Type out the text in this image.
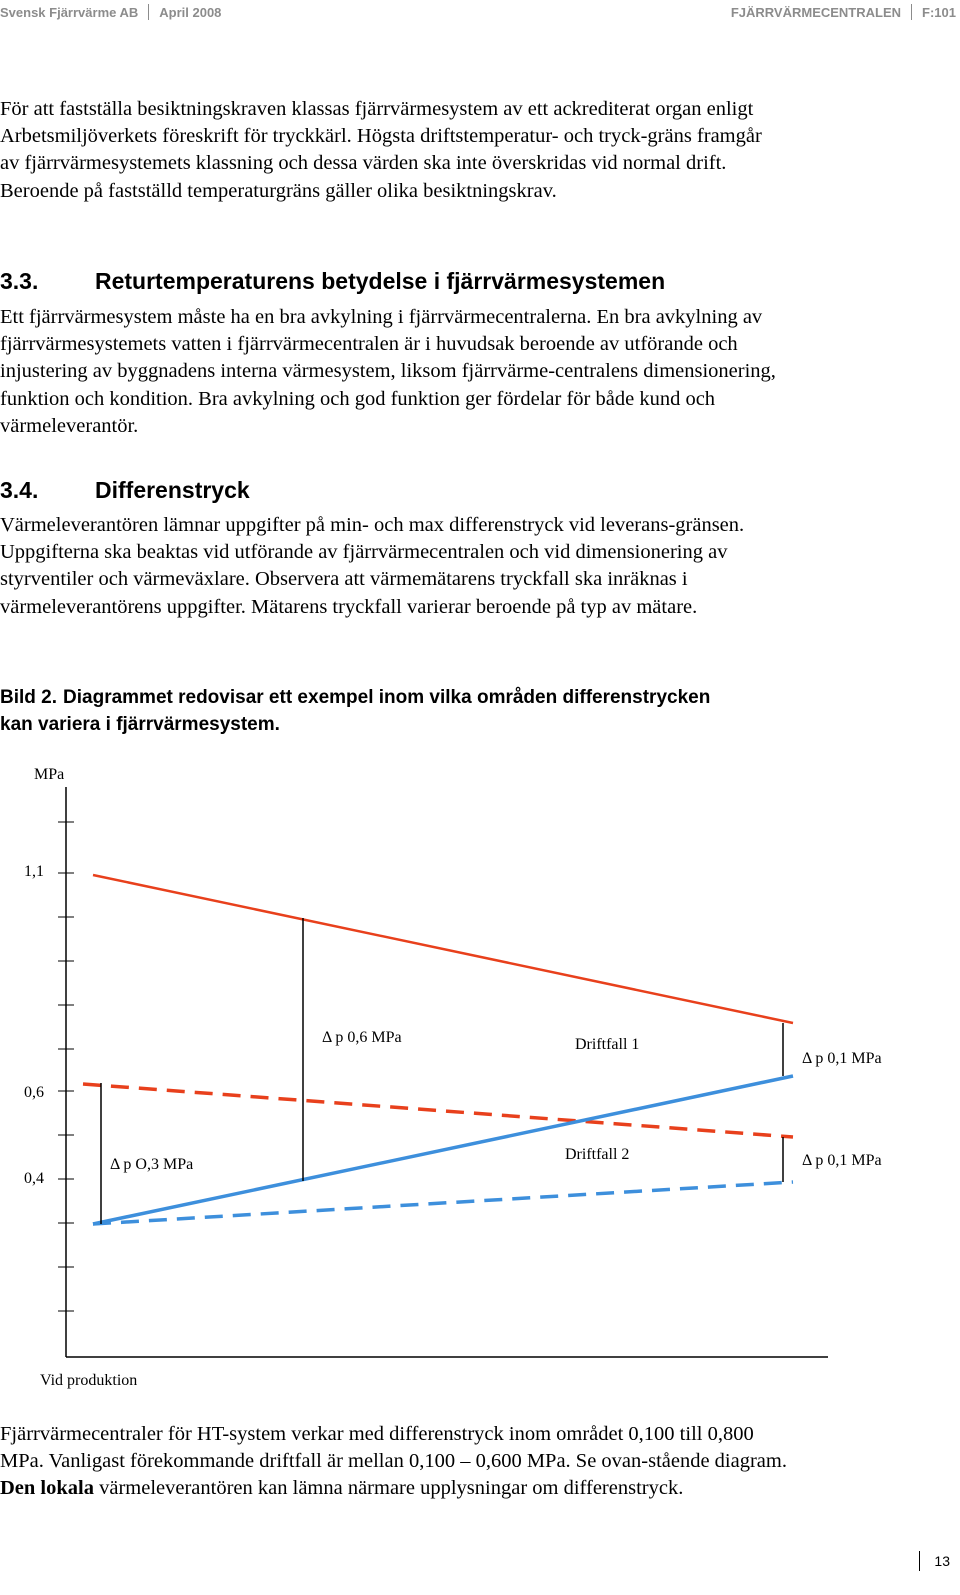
Svensk Fjärrvärme AB April 2008	FJÄRRVÄRMECENTRALEN F:101

För att fastställa besiktningskraven klassas fjärrvärmesystem av ett ackrediterat organ enligt Arbetsmiljöverkets föreskrift för tryckkärl. Högsta driftstemperatur- och tryck-gräns framgår av fjärrvärmesystemets klassning och dessa värden ska inte överskridas vid normal drift. Beroende på fastställd temperaturgräns gäller olika besiktningskrav.

3.3. Returtemperaturens betydelse i fjärrvärmesystemen

Ett fjärrvärmesystem måste ha en bra avkylning i fjärrvärmecentralerna. En bra avkylning av fjärrvärmesystemets vatten i fjärrvärmecentralen är i huvudsak beroende av utförande och injustering av byggnadens interna värmesystem, liksom fjärrvärme-centralens dimensionering, funktion och kondition. Bra avkylning och god funktion ger fördelar för både kund och värmeleverantör.

3.4. Differenstryck

Värmeleverantören lämnar uppgifter på min- och max differenstryck vid leverans-gränsen. Uppgifterna ska beaktas vid utförande av fjärrvärmecentralen och vid dimensionering av styrventiler och värmeväxlare. Observera att värmemätarens tryckfall ska inräknas i värmeleverantörens uppgifter. Mätarens tryckfall varierar beroende på typ av mätare.

Bild 2. Diagrammet redovisar ett exempel inom vilka områden differenstrycken kan variera i fjärrvärmesystem.
MPa
1,1
0,6
0,4
Vid produktion
Δ p 0,6 MPa	Driftfall 1
Δ p 0,1 MPa
Driftfall 2	Δ p 0,1 MPa
Δ p O,3 MPa

Fjärrvärmecentraler för HT-system verkar med differenstryck inom området 0,100 till 0,800 MPa. Vanligast förekommande driftfall är mellan 0,100 – 0,600 MPa. Se ovan-stående diagram. Den lokala värmeleverantören kan lämna närmare upplysningar om differenstryck.

13
